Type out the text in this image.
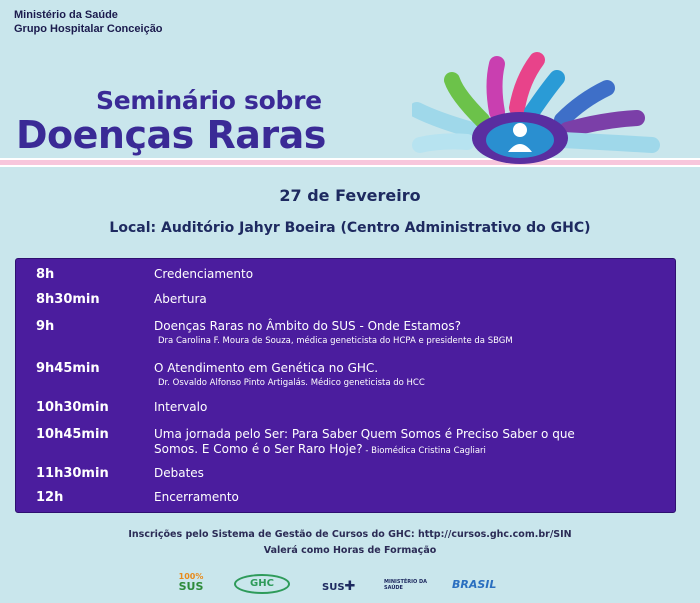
Ministério da Saúde
Grupo Hospitalar Conceição
Seminário sobre
Doenças Raras
27 de Fevereiro
Local: Auditório Jahyr Boeira (Centro Administrativo do GHC)
8h	Credenciamento
8h30min	Abertura
9h	Doenças Raras no Âmbito do SUS - Onde Estamos?
Dra Carolina F. Moura de Souza, médica geneticista do HCPA e presidente da SBGM
9h45min	O Atendimento em Genética no GHC.
Dr. Osvaldo Alfonso Pinto Artigalás. Médico geneticista do HCC
10h30min	Intervalo
10h45min	Uma jornada pelo Ser: Para Saber Quem Somos é Preciso Saber o que
Somos. E Como é o Ser Raro Hoje? - Biomédica Cristina Cagliari
11h30min	Debates
12h	Encerramento
Inscrições pelo Sistema de Gestão de Cursos do GHC: http://cursos.ghc.com.br/SIN
Valerá como Horas de Formação
100%
SUS	GHC	SUS✚	MINISTÉRIO DA SAÚDE	BRASIL
